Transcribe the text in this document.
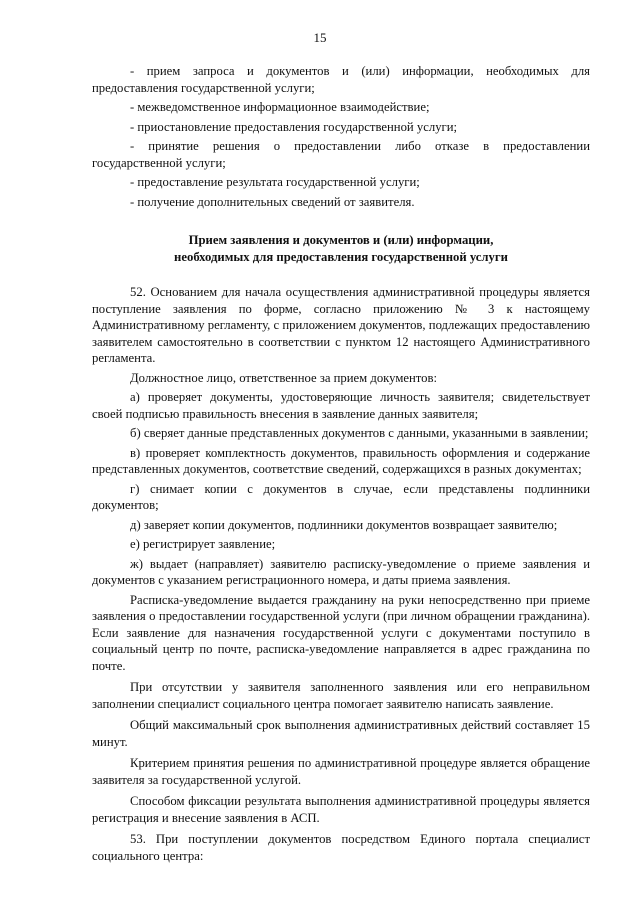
15

- прием запроса и документов и (или) информации, необходимых для предоставления государственной услуги;

- межведомственное информационное взаимодействие;

- приостановление предоставления государственной услуги;

- принятие решения о предоставлении либо отказе в предоставлении государственной услуги;

- предоставление результата государственной услуги;

- получение дополнительных сведений от заявителя.

Прием заявления и документов и (или) информации,
необходимых для предоставления государственной услуги

52. Основанием для начала осуществления административной процедуры является поступление заявления по форме, согласно приложению № 3 к настоящему Административному регламенту, с приложением документов, подлежащих предоставлению заявителем самостоятельно в соответствии с пунктом 12 настоящего Административного регламента.

Должностное лицо, ответственное за прием документов:

а) проверяет документы, удостоверяющие личность заявителя; свидетельствует своей подписью правильность внесения в заявление данных заявителя;

б) сверяет данные представленных документов с данными, указанными в заявлении;

в) проверяет комплектность документов, правильность оформления и содержание представленных документов, соответствие сведений, содержащихся в разных документах;

г) снимает копии с документов в случае, если представлены подлинники документов;

д) заверяет копии документов, подлинники документов возвращает заявителю;

е) регистрирует заявление;

ж) выдает (направляет) заявителю расписку-уведомление о приеме заявления и документов с указанием регистрационного номера, и даты приема заявления.

Расписка-уведомление выдается гражданину на руки непосредственно при приеме заявления о предоставлении государственной услуги (при личном обращении гражданина). Если заявление для назначения государственной услуги с документами поступило в социальный центр по почте, расписка-уведомление направляется в адрес гражданина по почте.

При отсутствии у заявителя заполненного заявления или его неправильном заполнении специалист социального центра помогает заявителю написать заявление.

Общий максимальный срок выполнения административных действий составляет 15 минут.

Критерием принятия решения по административной процедуре является обращение заявителя за государственной услугой.

Способом фиксации результата выполнения административной процедуры является регистрация и внесение заявления в АСП.

53. При поступлении документов посредством Единого портала специалист социального центра:
